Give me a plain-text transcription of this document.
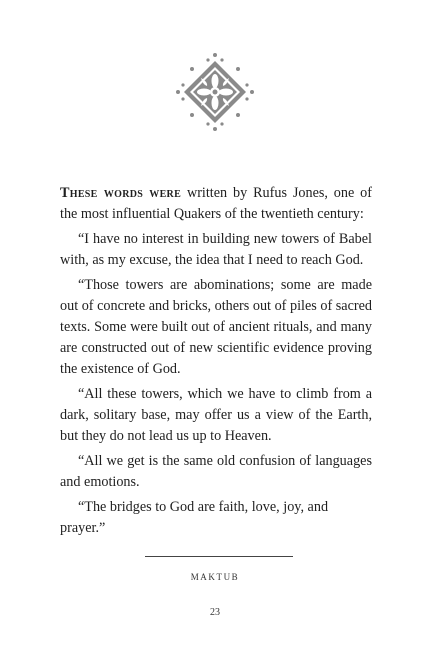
These words were written by Rufus Jones, one of the most influential Quakers of the twentieth century:

“I have no interest in building new towers of Babel with, as my excuse, the idea that I need to reach God.

“Those towers are abominations; some are made out of concrete and bricks, others out of piles of sacred texts. Some were built out of ancient rituals, and many are constructed out of new scientific evidence proving the existence of God.

“All these towers, which we have to climb from a dark, solitary base, may offer us a view of the Earth, but they do not lead us up to Heaven.

“All we get is the same old confusion of languages and emotions.

“The bridges to God are faith, love, joy, and prayer.”

MAKTUB
23
